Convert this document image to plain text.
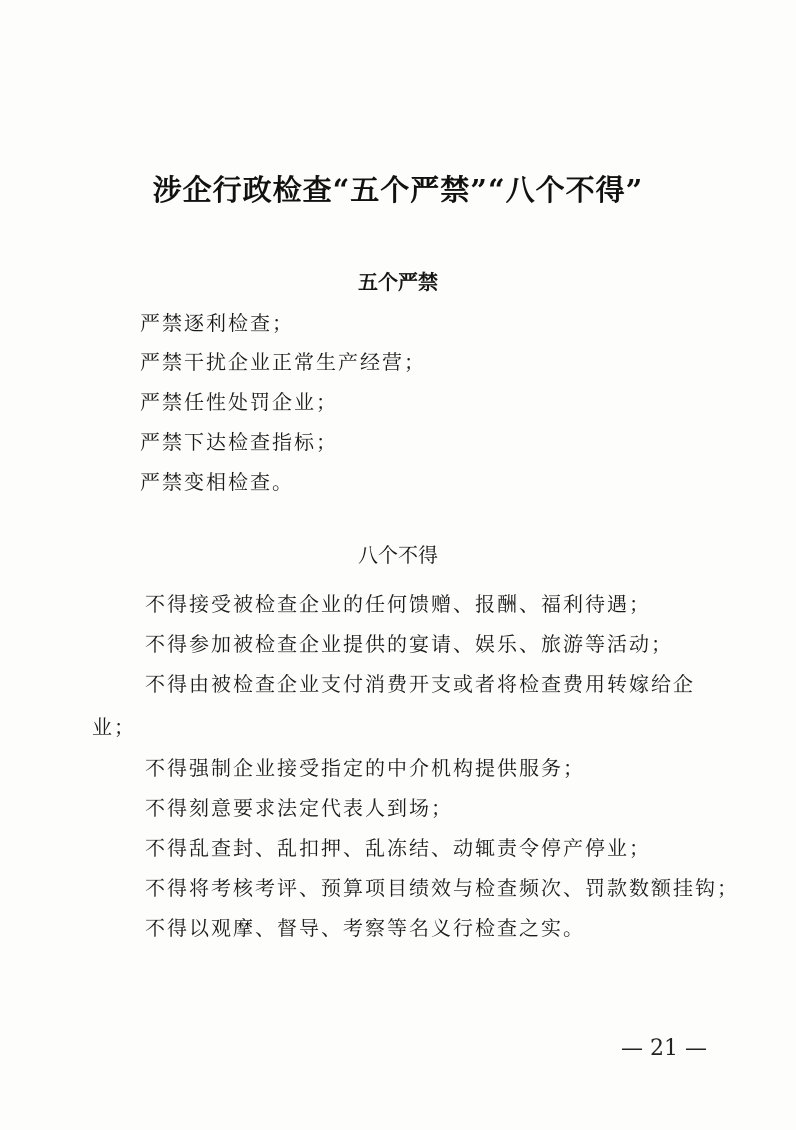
涉企行政检查“五个严禁”“八个不得”
五个严禁
严禁逐利检查；
严禁干扰企业正常生产经营；
严禁任性处罚企业；
严禁下达检查指标；
严禁变相检查。
八个不得
不得接受被检查企业的任何馈赠、报酬、福利待遇；
不得参加被检查企业提供的宴请、娱乐、旅游等活动；
不得由被检查企业支付消费开支或者将检查费用转嫁给企
业；
不得强制企业接受指定的中介机构提供服务；
不得刻意要求法定代表人到场；
不得乱查封、乱扣押、乱冻结、动辄责令停产停业；
不得将考核考评、预算项目绩效与检查频次、罚款数额挂钩；
不得以观摩、督导、考察等名义行检查之实。
— 21 —
